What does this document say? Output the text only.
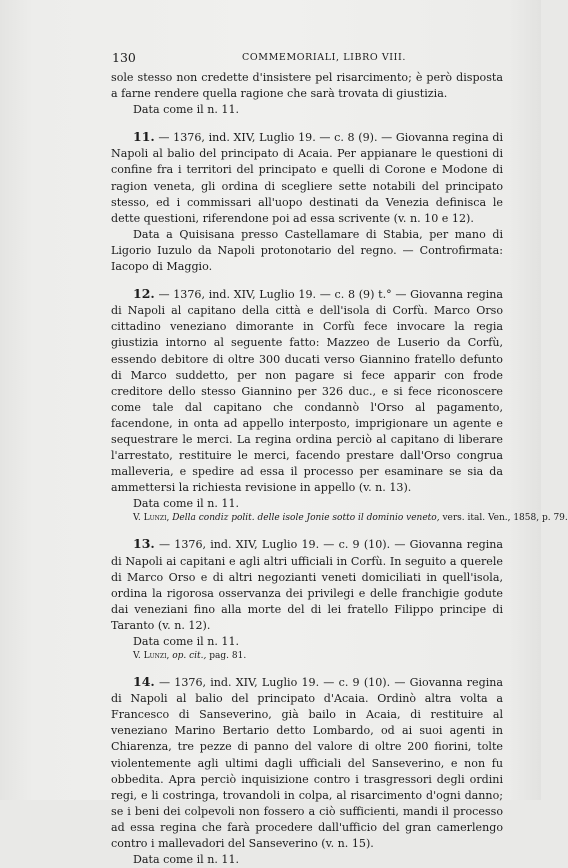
130	COMMEMORIALI, LIBRO VIII.

sole stesso non credette d'insistere pel risarcimento; è però disposta a farne rendere quella ragione che sarà trovata di giustizia.

Data come il n. 11.

11. — 1376, ind. XIV, Luglio 19. — c. 8 (9). — Giovanna regina di Napoli al balio del principato di Acaia. Per appianare le questioni di confine fra i territori del principato e quelli di Corone e Modone di ragion veneta, gli ordina di scegliere sette notabili del principato stesso, ed i commissari all'uopo destinati da Venezia definisca le dette questioni, riferendone poi ad essa scrivente (v. n. 10 e 12).

Data a Quisisana presso Castellamare di Stabia, per mano di Ligorio Iuzulo da Napoli protonotario del regno. — Controfirmata: Iacopo di Maggio.

12. — 1376, ind. XIV, Luglio 19. — c. 8 (9) t.° — Giovanna regina di Napoli al capitano della città e dell'isola di Corfù. Marco Orso cittadino veneziano dimorante in Corfù fece invocare la regia giustizia intorno al seguente fatto: Mazzeo de Luserio da Corfù, essendo debitore di oltre 300 ducati verso Giannino fratello defunto di Marco suddetto, per non pagare si fece apparir con frode creditore dello stesso Giannino per 326 duc., e si fece riconoscere come tale dal capitano che condannò l'Orso al pagamento, facendone, in onta ad appello interposto, imprigionare un agente e sequestrare le merci. La regina ordina perciò al capitano di liberare l'arrestato, restituire le merci, facendo prestare dall'Orso congrua malleveria, e spedire ad essa il processo per esaminare se sia da ammettersi la richiesta revisione in appello (v. n. 13).

Data come il n. 11.

V. Lunzi, Della condiz polit. delle isole Jonie sotto il dominio veneto, vers. ital. Ven., 1858, p. 79.

13. — 1376, ind. XIV, Luglio 19. — c. 9 (10). — Giovanna regina di Napoli ai capitani e agli altri ufficiali in Corfù. In seguito a querele di Marco Orso e di altri negozianti veneti domiciliati in quell'isola, ordina la rigorosa osservanza dei privilegi e delle franchigie godute dai veneziani fino alla morte del di lei fratello Filippo principe di Taranto (v. n. 12).

Data come il n. 11.

V. Lunzi, op. cit., pag. 81.

14. — 1376, ind. XIV, Luglio 19. — c. 9 (10). — Giovanna regina di Napoli al balio del principato d'Acaia. Ordinò altra volta a Francesco di Sanseverino, già bailo in Acaia, di restituire al veneziano Marino Bertario detto Lombardo, od ai suoi agenti in Chiarenza, tre pezze di panno del valore di oltre 200 fiorini, tolte violentemente agli ultimi dagli ufficiali del Sanseverino, e non fu obbedita. Apra perciò inquisizione contro i trasgressori degli ordini regi, e li costringa, trovandoli in colpa, al risarcimento d'ogni danno; se i beni dei colpevoli non fossero a ciò sufficienti, mandi il processo ad essa regina che farà procedere dall'ufficio del gran camerlengo contro i mallevadori del Sanseverino (v. n. 15).

Data come il n. 11.
